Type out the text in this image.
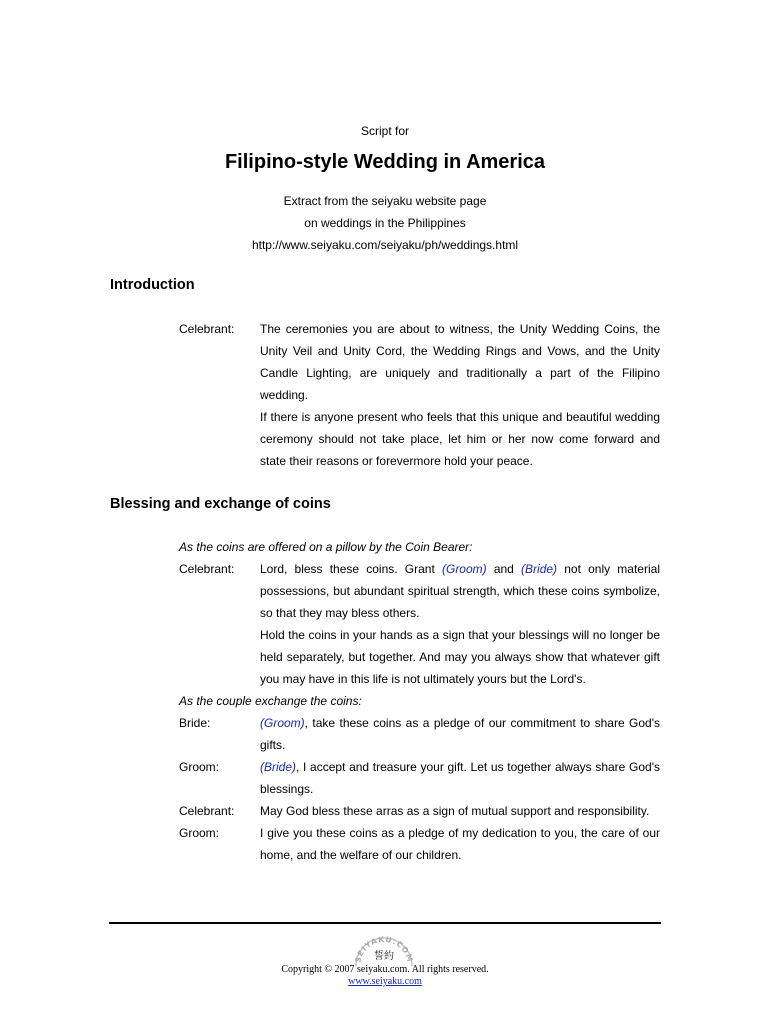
Script for
Filipino-style Wedding in America
Extract from the seiyaku website page
on weddings in the Philippines
http://www.seiyaku.com/seiyaku/ph/weddings.html
Introduction
Celebrant:	The ceremonies you are about to witness, the Unity Wedding Coins, the Unity Veil and Unity Cord, the Wedding Rings and Vows, and the Unity Candle Lighting, are uniquely and traditionally a part of the Filipino wedding.

If there is anyone present who feels that this unique and beautiful wedding ceremony should not take place, let him or her now come forward and state their reasons or forevermore hold your peace.

Blessing and exchange of coins
As the coins are offered on a pillow by the Coin Bearer:
Celebrant:	Lord, bless these coins. Grant (Groom) and (Bride) not only material possessions, but abundant spiritual strength, which these coins symbolize, so that they may bless others.

Hold the coins in your hands as a sign that your blessings will no longer be held separately, but together. And may you always show that whatever gift you may have in this life is not ultimately yours but the Lord's.

As the couple exchange the coins:
Bride:	(Groom), take these coins as a pledge of our commitment to share God's gifts.
Groom:	(Bride), I accept and treasure your gift. Let us together always share God's blessings.
Celebrant:	May God bless these arras as a sign of mutual support and responsibility.
Groom:	I give you these coins as a pledge of my dedication to you, the care of our home, and the welfare of our children.
SEIYAKU.COM
誓約
Copyright © 2007 seiyaku.com. All rights reserved.
www.seiyaku.com
